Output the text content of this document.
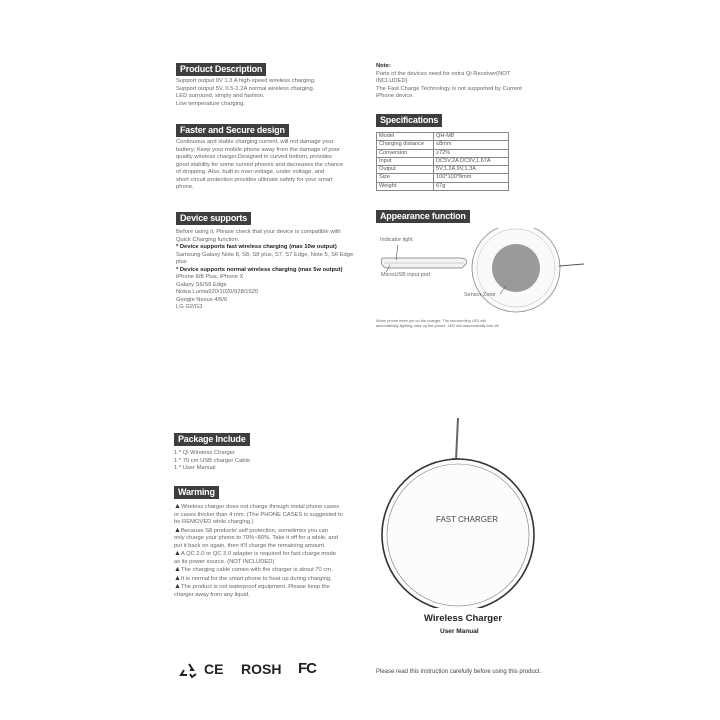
Product Description
Support output 9V 1.3 A high-speed wireless charging.
Support output 5V, 0.5-1.2A normal wireless charging.
LED surround, simply and fashion.
Low temperature charging.
Faster and Secure design
Continuous and stable charging current, will not damage your
battery; Keep your mobile phone away from the damage of poor
quality wireless charger.Designed in curved bottom, provides
good stability for some curved phones and decreases the chance
of dropping. Also, built-in over-voltage, under voltage, and
short circuit protection provides ultimate safety for your smart
phone.
Device supports
Before using it, Please check that your device is compatible with
Quick Charging function.
* Device supports fast wireless charging (max 10w output)
Samsung Galaxy Note 8, S8, S8 plus, S7, S7 Edge, Note 5, S6 Edge
plus
* Device supports normal wireless charging (max 5w output)
iPhone 8/8 Plus, iPhone X
Galaxy S6/S6 Edge
Nokia Lumia920/1020/928/1520
Google Nexus 4/5/6
LG G2/G3
Note:
Parts of the devices need for extra Qi Receiver(NOT
INCLUDED)
The Fast Charge Technology is not supported by Current
iPhone device.
Specifications
Model	QH-M8
Charging distance	≤8mm
Conversion	≥72%
Input	DC5V,2A DC9V,1.67A
Output	5V,1.2A 9V,1.3A
Size	100*100*8mm
Weight	67g
Appearance function
Indicator light
MicroUSB input port
Sensor Zone
When phone been put on the charger, The surrounding LED will
automatically lighting, take up the phone, LED will automatically turn off
Package Include
1 * Qi Wireless Charger
1 * 70 cm USB charger Cable
1 * User Manual
Warming
▲Wireless charger does not charge through metal phone cases
or cases thicker than 4 mm. (The PHONE CASES is suggested to
be REMOVED while charging.)
▲Because S8 products' self protection, sometimes you can
only charge your phone to 70%~80%. Take it off for a while, and
put it back on again, then it'll charge the remaining amount.
▲A QC 2.0 or QC 3.0 adapter is required for fast charge mode
as its power source. (NOT INCLUDED)
▲The charging cable comes with the charger is about 70 cm.
▲It is normal for the smart phone to heat up during charging.
▲The product is not waterproof equipment. Please keep the
charger away from any liquid.
FAST CHARGER
Wireless Charger
User Manual
CE ROSH FC	Please read this instruction carefully before using this product.
